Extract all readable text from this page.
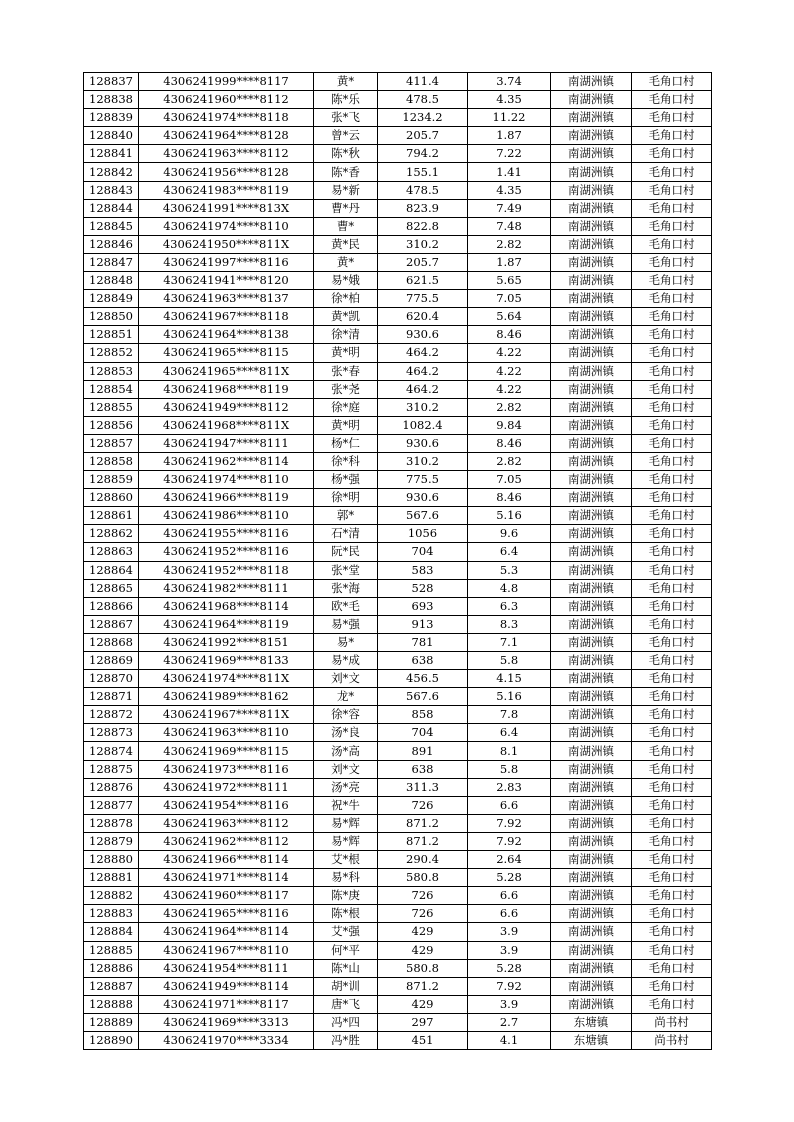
128837	4306241999****8117	黄*	411.4	3.74	南湖洲镇	毛角口村
128838	4306241960****8112	陈*乐	478.5	4.35	南湖洲镇	毛角口村
128839	4306241974****8118	张*飞	1234.2	11.22	南湖洲镇	毛角口村
128840	4306241964****8128	曾*云	205.7	1.87	南湖洲镇	毛角口村
128841	4306241963****8112	陈*秋	794.2	7.22	南湖洲镇	毛角口村
128842	4306241956****8128	陈*香	155.1	1.41	南湖洲镇	毛角口村
128843	4306241983****8119	易*新	478.5	4.35	南湖洲镇	毛角口村
128844	4306241991****813X	曹*丹	823.9	7.49	南湖洲镇	毛角口村
128845	4306241974****8110	曹*	822.8	7.48	南湖洲镇	毛角口村
128846	4306241950****811X	黄*民	310.2	2.82	南湖洲镇	毛角口村
128847	4306241997****8116	黄*	205.7	1.87	南湖洲镇	毛角口村
128848	4306241941****8120	易*娥	621.5	5.65	南湖洲镇	毛角口村
128849	4306241963****8137	徐*柏	775.5	7.05	南湖洲镇	毛角口村
128850	4306241967****8118	黄*凯	620.4	5.64	南湖洲镇	毛角口村
128851	4306241964****8138	徐*清	930.6	8.46	南湖洲镇	毛角口村
128852	4306241965****8115	黄*明	464.2	4.22	南湖洲镇	毛角口村
128853	4306241965****811X	张*春	464.2	4.22	南湖洲镇	毛角口村
128854	4306241968****8119	张*尧	464.2	4.22	南湖洲镇	毛角口村
128855	4306241949****8112	徐*庭	310.2	2.82	南湖洲镇	毛角口村
128856	4306241968****811X	黄*明	1082.4	9.84	南湖洲镇	毛角口村
128857	4306241947****8111	杨*仁	930.6	8.46	南湖洲镇	毛角口村
128858	4306241962****8114	徐*科	310.2	2.82	南湖洲镇	毛角口村
128859	4306241974****8110	杨*强	775.5	7.05	南湖洲镇	毛角口村
128860	4306241966****8119	徐*明	930.6	8.46	南湖洲镇	毛角口村
128861	4306241986****8110	郭*	567.6	5.16	南湖洲镇	毛角口村
128862	4306241955****8116	石*清	1056	9.6	南湖洲镇	毛角口村
128863	4306241952****8116	阮*民	704	6.4	南湖洲镇	毛角口村
128864	4306241952****8118	张*堂	583	5.3	南湖洲镇	毛角口村
128865	4306241982****8111	张*海	528	4.8	南湖洲镇	毛角口村
128866	4306241968****8114	欧*毛	693	6.3	南湖洲镇	毛角口村
128867	4306241964****8119	易*强	913	8.3	南湖洲镇	毛角口村
128868	4306241992****8151	易*	781	7.1	南湖洲镇	毛角口村
128869	4306241969****8133	易*成	638	5.8	南湖洲镇	毛角口村
128870	4306241974****811X	刘*文	456.5	4.15	南湖洲镇	毛角口村
128871	4306241989****8162	龙*	567.6	5.16	南湖洲镇	毛角口村
128872	4306241967****811X	徐*容	858	7.8	南湖洲镇	毛角口村
128873	4306241963****8110	汤*良	704	6.4	南湖洲镇	毛角口村
128874	4306241969****8115	汤*高	891	8.1	南湖洲镇	毛角口村
128875	4306241973****8116	刘*文	638	5.8	南湖洲镇	毛角口村
128876	4306241972****8111	汤*亮	311.3	2.83	南湖洲镇	毛角口村
128877	4306241954****8116	祝*牛	726	6.6	南湖洲镇	毛角口村
128878	4306241963****8112	易*辉	871.2	7.92	南湖洲镇	毛角口村
128879	4306241962****8112	易*辉	871.2	7.92	南湖洲镇	毛角口村
128880	4306241966****8114	艾*根	290.4	2.64	南湖洲镇	毛角口村
128881	4306241971****8114	易*科	580.8	5.28	南湖洲镇	毛角口村
128882	4306241960****8117	陈*庚	726	6.6	南湖洲镇	毛角口村
128883	4306241965****8116	陈*根	726	6.6	南湖洲镇	毛角口村
128884	4306241964****8114	艾*强	429	3.9	南湖洲镇	毛角口村
128885	4306241967****8110	何*平	429	3.9	南湖洲镇	毛角口村
128886	4306241954****8111	陈*山	580.8	5.28	南湖洲镇	毛角口村
128887	4306241949****8114	胡*训	871.2	7.92	南湖洲镇	毛角口村
128888	4306241971****8117	唐*飞	429	3.9	南湖洲镇	毛角口村
128889	4306241969****3313	冯*四	297	2.7	东塘镇	尚书村
128890	4306241970****3334	冯*胜	451	4.1	东塘镇	尚书村
